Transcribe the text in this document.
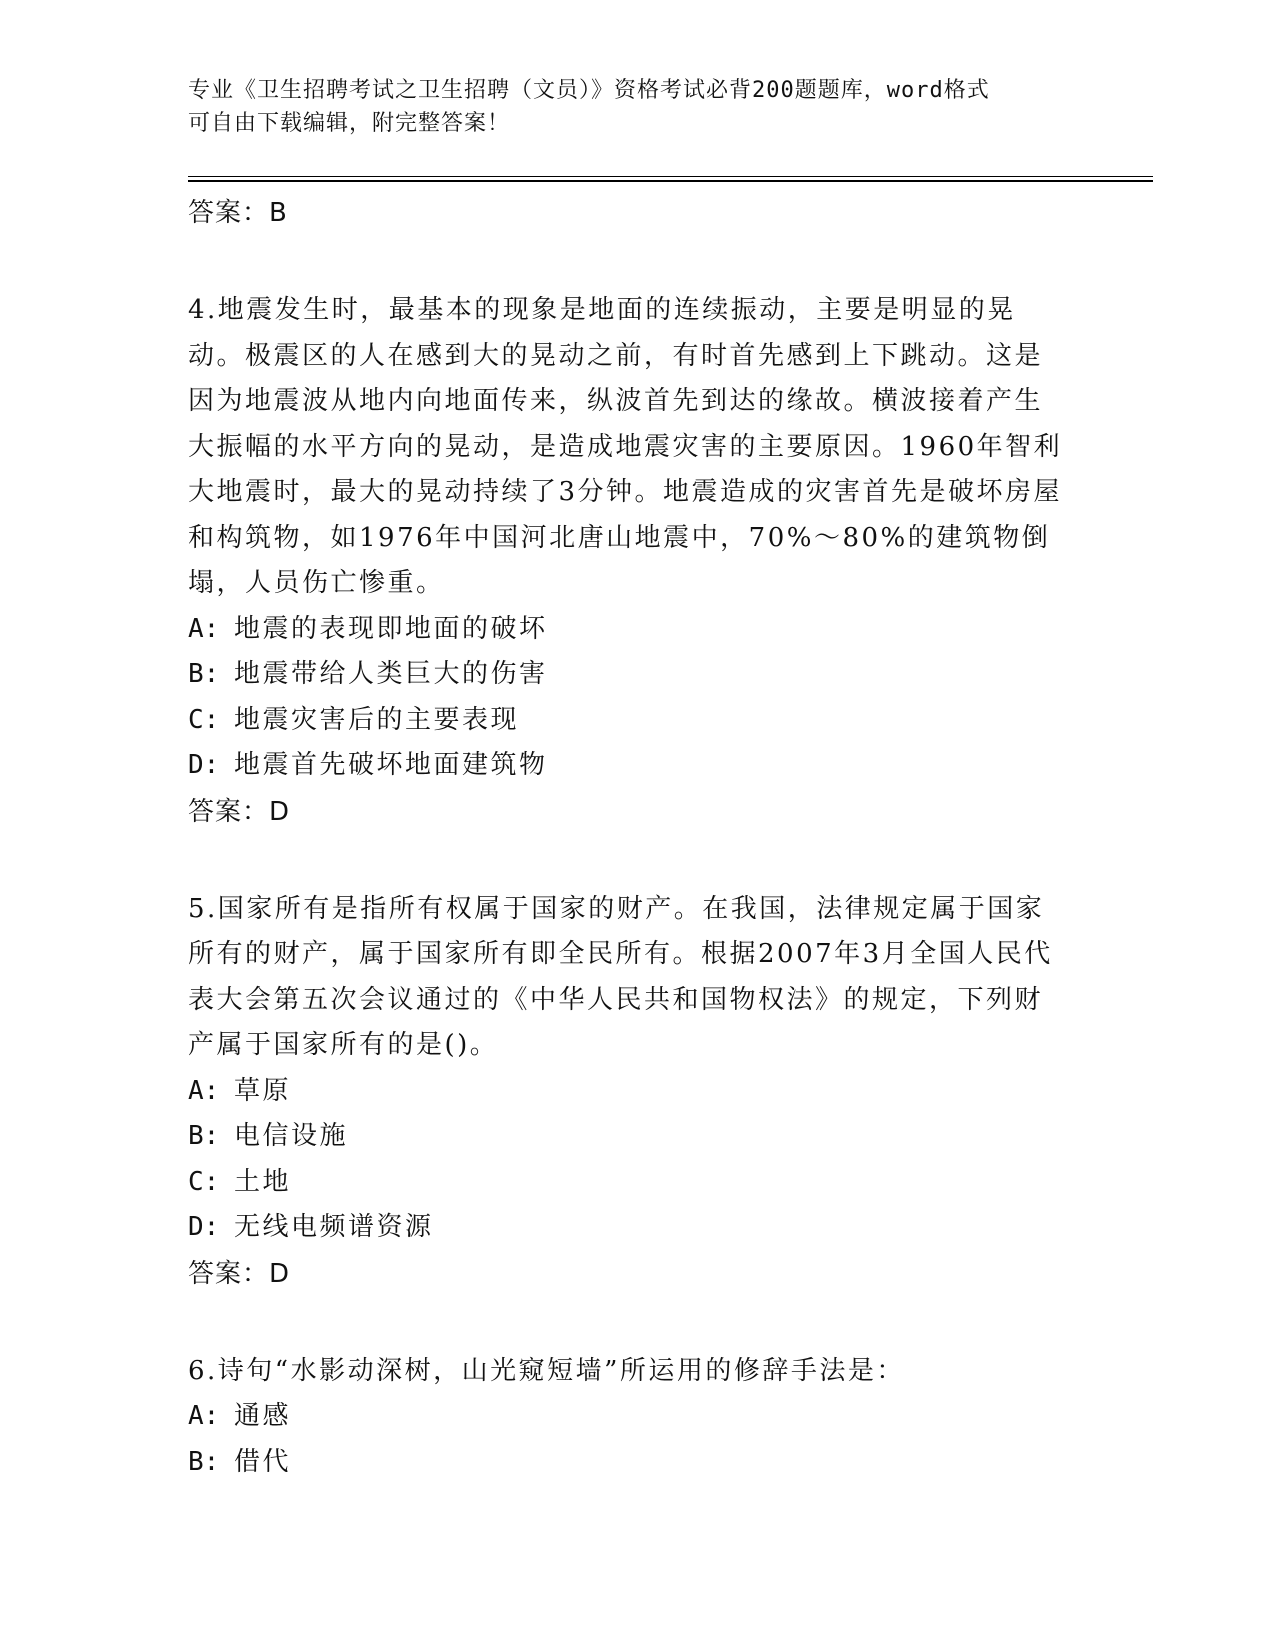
专业《卫生招聘考试之卫生招聘（文员）》资格考试必背200题题库，word格式
可自由下载编辑，附完整答案！
答案：B

4.地震发生时，最基本的现象是地面的连续振动，主要是明显的晃动。极震区的人在感到大的晃动之前，有时首先感到上下跳动。这是因为地震波从地内向地面传来，纵波首先到达的缘故。横波接着产生大振幅的水平方向的晃动，是造成地震灾害的主要原因。1960年智利大地震时，最大的晃动持续了3分钟。地震造成的灾害首先是破坏房屋和构筑物，如1976年中国河北唐山地震中，70%～80%的建筑物倒塌，人员伤亡惨重。

A: 地震的表现即地面的破坏
B: 地震带给人类巨大的伤害
C: 地震灾害后的主要表现
D: 地震首先破坏地面建筑物
答案：D

5.国家所有是指所有权属于国家的财产。在我国，法律规定属于国家所有的财产，属于国家所有即全民所有。根据2007年3月全国人民代表大会第五次会议通过的《中华人民共和国物权法》的规定，下列财产属于国家所有的是()。

A: 草原
B: 电信设施
C: 土地
D: 无线电频谱资源
答案：D

6.诗句“水影动深树，山光窥短墙”所运用的修辞手法是：

A: 通感
B: 借代
